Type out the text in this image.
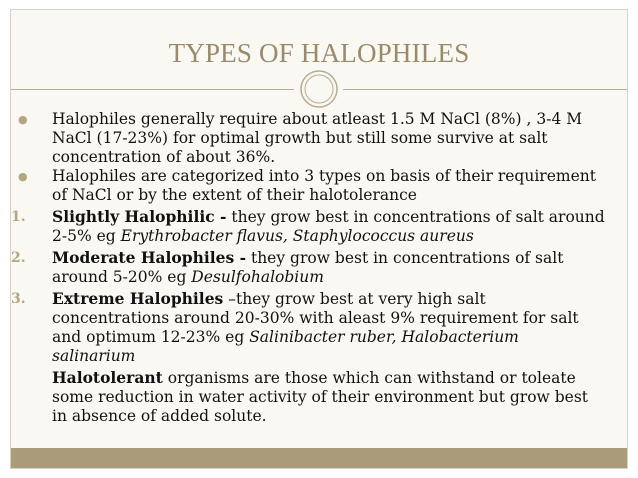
TYPES OF HALOPHILES
● Halophiles generally require about atleast 1.5 M NaCl (8%) , 3-4 M NaCl (17-23%) for optimal growth but still some survive at salt concentration of about 36%.
● Halophiles are categorized into 3 types on basis of their requirement of NaCl or by the extent of their halotolerance
1. Slightly Halophilic - they grow best in concentrations of salt around 2-5% eg Erythrobacter flavus, Staphylococcus aureus
2. Moderate Halophiles - they grow best in concentrations of salt around 5-20% eg Desulfohalobium
3. Extreme Halophiles –they grow best at very high salt concentrations around 20-30% with aleast 9% requirement for salt and optimum 12-23% eg Salinibacter ruber, Halobacterium salinarium
Halotolerant organisms are those which can withstand or toleate some reduction in water activity of their environment but grow best in absence of added solute.
